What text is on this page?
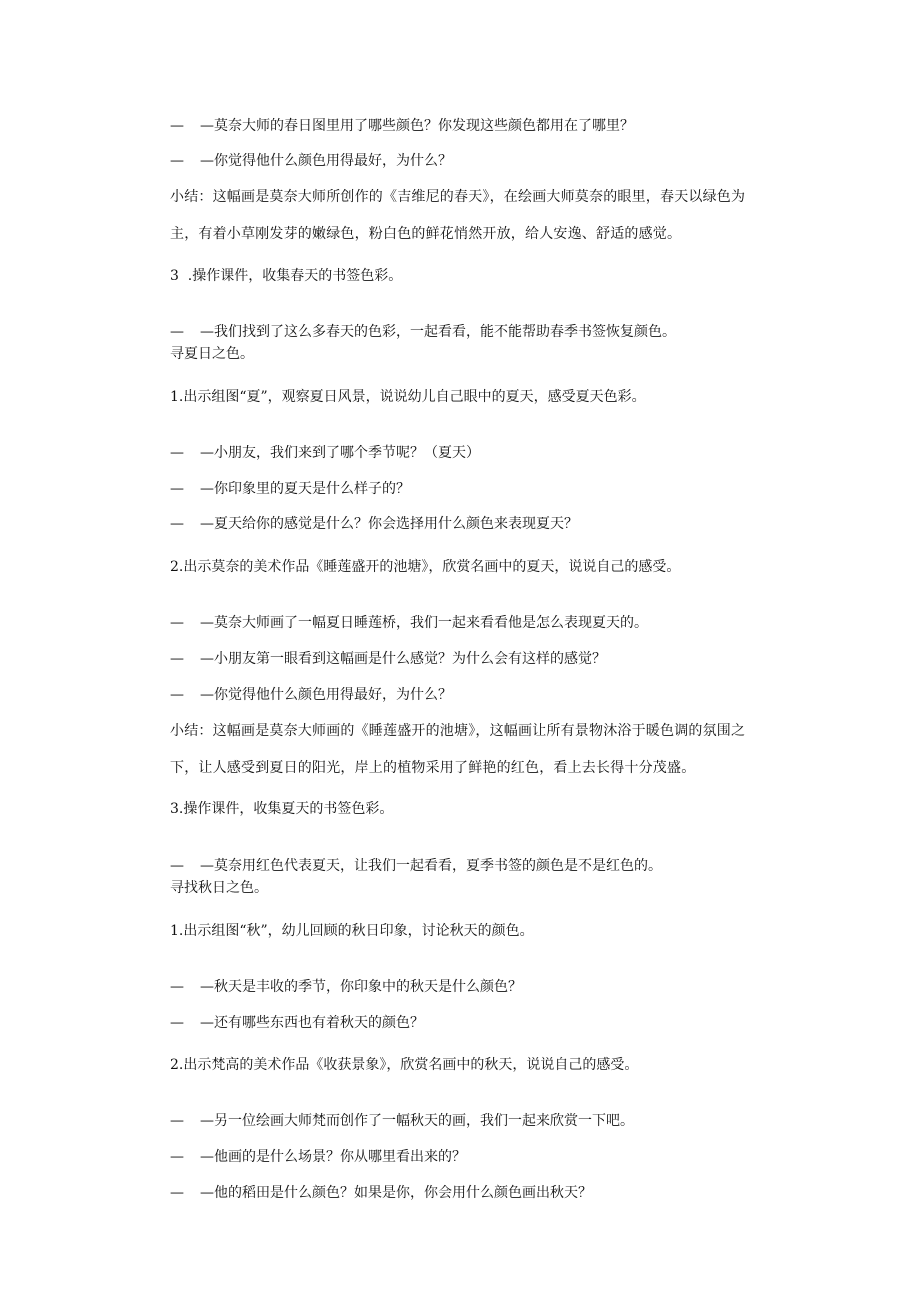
— —莫奈大师的春日图里用了哪些颜色？你发现这些颜色都用在了哪里？
— —你觉得他什么颜色用得最好，为什么？
小结：这幅画是莫奈大师所创作的《吉维尼的春天》，在绘画大师莫奈的眼里，春天以绿色为
主，有着小草刚发芽的嫩绿色，粉白色的鲜花悄然开放，给人安逸、舒适的感觉。
3  .操作课件，收集春天的书签色彩。
— —我们找到了这么多春天的色彩，一起看看，能不能帮助春季书签恢复颜色。
寻夏日之色。
1.出示组图“夏”，观察夏日风景，说说幼儿自己眼中的夏天，感受夏天色彩。
— —小朋友，我们来到了哪个季节呢？（夏天）
— —你印象里的夏天是什么样子的？
— —夏天给你的感觉是什么？你会选择用什么颜色来表现夏天？
2.出示莫奈的美术作品《睡莲盛开的池塘》，欣赏名画中的夏天，说说自己的感受。
— —莫奈大师画了一幅夏日睡莲桥，我们一起来看看他是怎么表现夏天的。
— —小朋友第一眼看到这幅画是什么感觉？为什么会有这样的感觉？
— —你觉得他什么颜色用得最好，为什么？
小结：这幅画是莫奈大师画的《睡莲盛开的池塘》，这幅画让所有景物沐浴于暖色调的氛围之
下，让人感受到夏日的阳光，岸上的植物采用了鲜艳的红色，看上去长得十分茂盛。
3.操作课件，收集夏天的书签色彩。
— —莫奈用红色代表夏天，让我们一起看看，夏季书签的颜色是不是红色的。
寻找秋日之色。
1.出示组图“秋”，幼儿回顾的秋日印象，讨论秋天的颜色。
— —秋天是丰收的季节，你印象中的秋天是什么颜色？
— —还有哪些东西也有着秋天的颜色？
2.出示梵高的美术作品《收获景象》，欣赏名画中的秋天，说说自己的感受。
— —另一位绘画大师梵而创作了一幅秋天的画，我们一起来欣赏一下吧。
— —他画的是什么场景？你从哪里看出来的？
— —他的稻田是什么颜色？如果是你，你会用什么颜色画出秋天？
